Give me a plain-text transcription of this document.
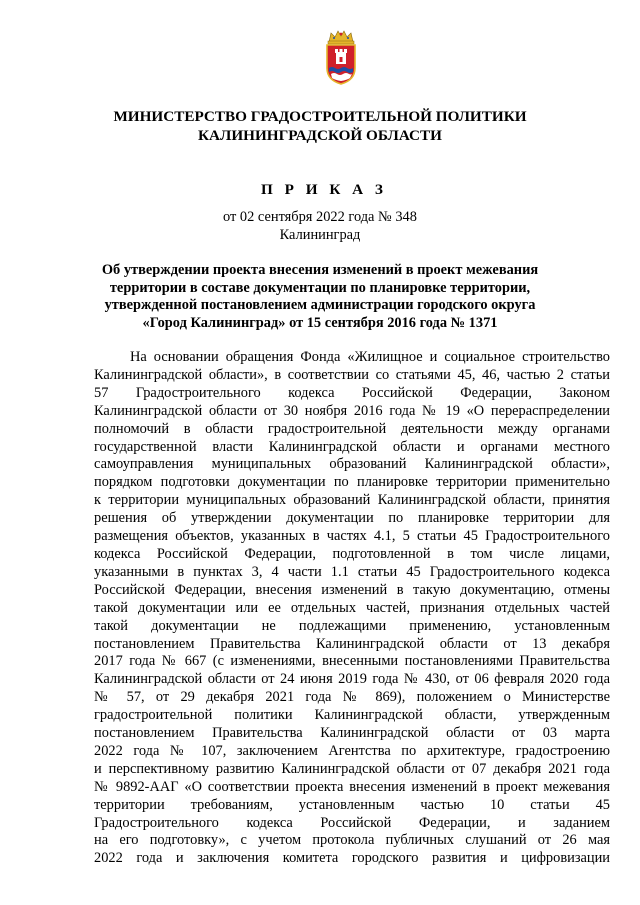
МИНИСТЕРСТВО ГРАДОСТРОИТЕЛЬНОЙ ПОЛИТИКИ
КАЛИНИНГРАДСКОЙ ОБЛАСТИ
П Р И К А З
от 02 сентября 2022 года № 348
Калининград
Об утверждении проекта внесения изменений в проект межевания
территории в составе документации по планировке территории,
утвержденной постановлением администрации городского округа
«Город Калининград» от 15 сентября 2016 года № 1371
На основании обращения Фонда «Жилищное и социальное строительство
Калининградской области», в соответствии со статьями 45, 46, частью 2 статьи
57 Градостроительного кодекса Российской Федерации, Законом
Калининградской области от 30 ноября 2016 года № 19 «О перераспределении
полномочий в области градостроительной деятельности между органами
государственной власти Калининградской области и органами местного
самоуправления муниципальных образований Калининградской области»,
порядком подготовки документации по планировке территории применительно
к территории муниципальных образований Калининградской области, принятия
решения об утверждении документации по планировке территории для
размещения объектов, указанных в частях 4.1, 5 статьи 45 Градостроительного
кодекса Российской Федерации, подготовленной в том числе лицами,
указанными в пунктах 3, 4 части 1.1 статьи 45 Градостроительного кодекса
Российской Федерации, внесения изменений в такую документацию, отмены
такой документации или ее отдельных частей, признания отдельных частей
такой документации не подлежащими применению, установленным
постановлением Правительства Калининградской области от 13 декабря
2017 года № 667 (с изменениями, внесенными постановлениями Правительства
Калининградской области от 24 июня 2019 года № 430, от 06 февраля 2020 года
№ 57, от 29 декабря 2021 года № 869), положением о Министерстве
градостроительной политики Калининградской области, утвержденным
постановлением Правительства Калининградской области от 03 марта
2022 года № 107, заключением Агентства по архитектуре, градостроению
и перспективному развитию Калининградской области от 07 декабря 2021 года
№ 9892-ААГ «О соответствии проекта внесения изменений в проект межевания
территории требованиям, установленным частью 10 статьи 45
Градостроительного кодекса Российской Федерации, и заданием
на его подготовку», с учетом протокола публичных слушаний от 26 мая
2022 года и заключения комитета городского развития и цифровизации
